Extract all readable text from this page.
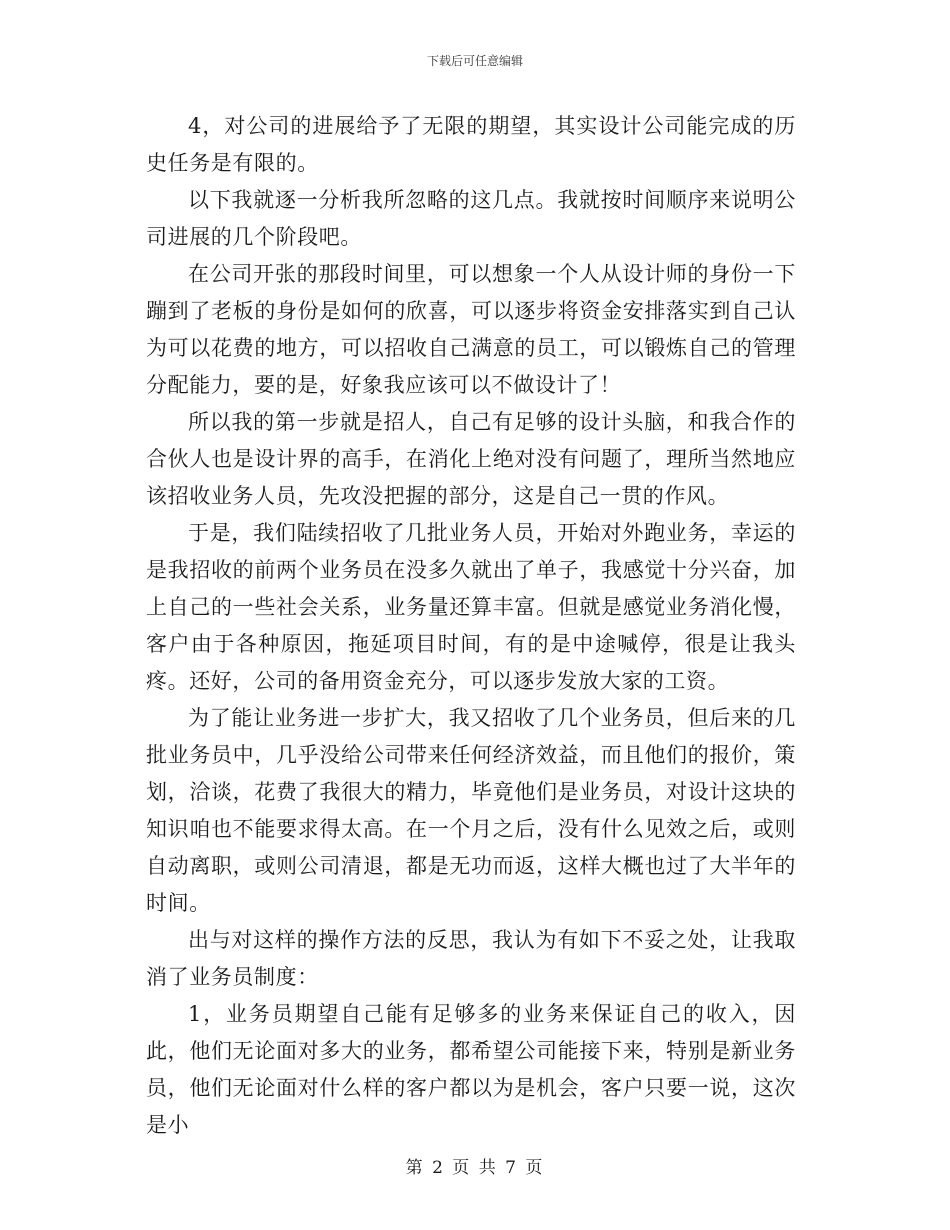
下载后可任意编辑

4，对公司的进展给予了无限的期望，其实设计公司能完成的历史任务是有限的。

以下我就逐一分析我所忽略的这几点。我就按时间顺序来说明公司进展的几个阶段吧。

在公司开张的那段时间里，可以想象一个人从设计师的身份一下蹦到了老板的身份是如何的欣喜，可以逐步将资金安排落实到自己认为可以花费的地方，可以招收自己满意的员工，可以锻炼自己的管理分配能力，要的是，好象我应该可以不做设计了！

所以我的第一步就是招人，自己有足够的设计头脑，和我合作的合伙人也是设计界的高手，在消化上绝对没有问题了，理所当然地应该招收业务人员，先攻没把握的部分，这是自己一贯的作风。

于是，我们陆续招收了几批业务人员，开始对外跑业务，幸运的是我招收的前两个业务员在没多久就出了单子，我感觉十分兴奋，加上自己的一些社会关系，业务量还算丰富。但就是感觉业务消化慢，客户由于各种原因，拖延项目时间，有的是中途喊停，很是让我头疼。还好，公司的备用资金充分，可以逐步发放大家的工资。

为了能让业务进一步扩大，我又招收了几个业务员，但后来的几批业务员中，几乎没给公司带来任何经济效益，而且他们的报价，策划，洽谈，花费了我很大的精力，毕竟他们是业务员，对设计这块的知识咱也不能要求得太高。在一个月之后，没有什么见效之后，或则自动离职，或则公司清退，都是无功而返，这样大概也过了大半年的时间。

出与对这样的操作方法的反思，我认为有如下不妥之处，让我取消了业务员制度：

1，业务员期望自己能有足够多的业务来保证自己的收入，因此，他们无论面对多大的业务，都希望公司能接下来，特别是新业务员，他们无论面对什么样的客户都以为是机会，客户只要一说，这次是小

第 2 页 共 7 页
